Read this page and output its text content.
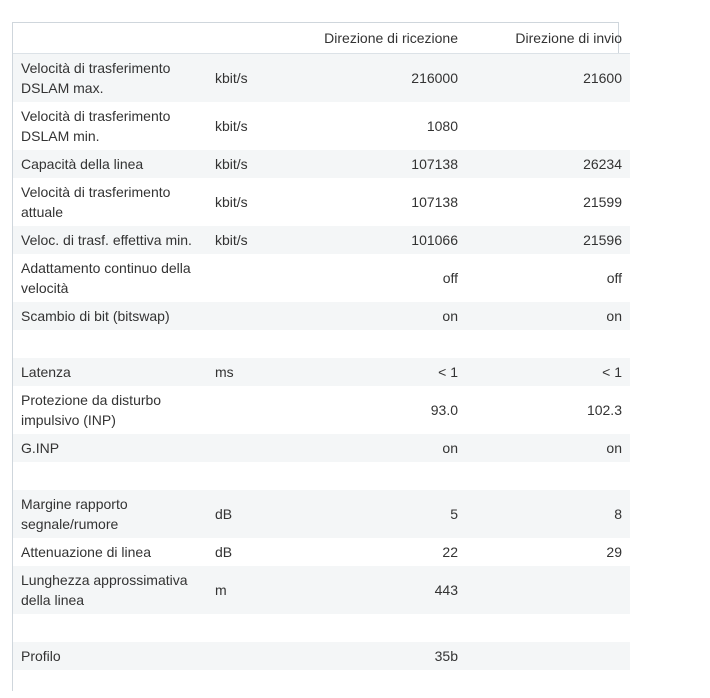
		Direzione di ricezione	Direzione di invio
Velocità di trasferimento DSLAM max.	kbit/s	216000	21600
Velocità di trasferimento DSLAM min.	kbit/s	1080	
Capacità della linea	kbit/s	107138	26234
Velocità di trasferimento attuale	kbit/s	107138	21599
Veloc. di trasf. effettiva min.	kbit/s	101066	21596
Adattamento continuo della velocità		off	off
Scambio di bit (bitswap)		on	on

Latenza	ms	< 1	< 1
Protezione da disturbo impulsivo (INP)		93.0	102.3
G.INP		on	on

Margine rapporto segnale/rumore	dB	5	8
Attenuazione di linea	dB	22	29
Lunghezza approssimativa della linea	m	443	

Profilo		35b	
